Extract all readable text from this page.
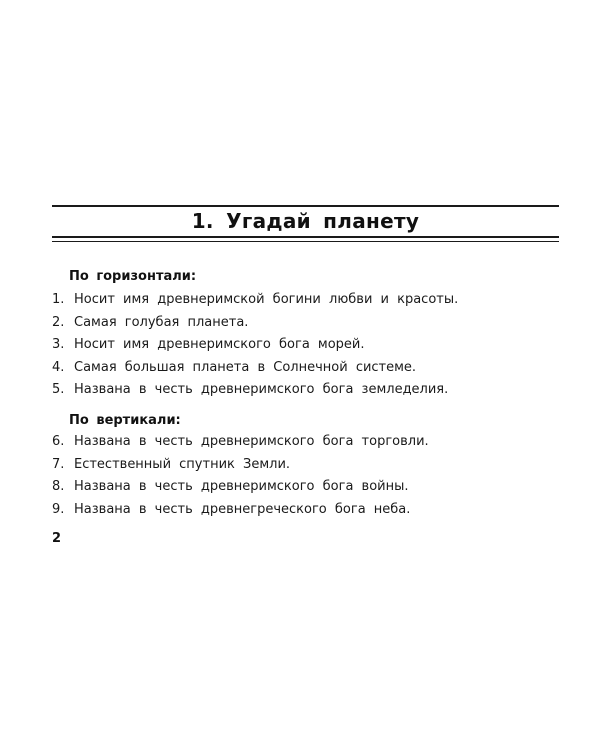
1. Угадай планету
По горизонтали:
1. Носит имя древнеримской богини любви и красоты.
2. Самая голубая планета.
3. Носит имя древнеримского бога морей.
4. Самая большая планета в Солнечной системе.
5. Названа в честь древнеримского бога земледелия.
По вертикали:
6. Названа в честь древнеримского бога торговли.
7. Естественный спутник Земли.
8. Названа в честь древнеримского бога войны.
9. Названа в честь древнегреческого бога неба.
2
